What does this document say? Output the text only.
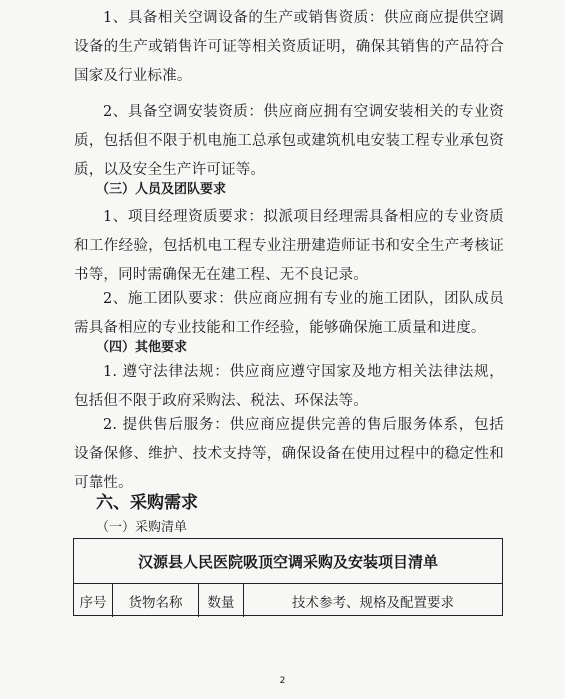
1、具备相关空调设备的生产或销售资质：供应商应提供空调设备的生产或销售许可证等相关资质证明，确保其销售的产品符合国家及行业标准。
2、具备空调安装资质：供应商应拥有空调安装相关的专业资质，包括但不限于机电施工总承包或建筑机电安装工程专业承包资质，以及安全生产许可证等。
（三）人员及团队要求
1、项目经理资质要求：拟派项目经理需具备相应的专业资质和工作经验，包括机电工程专业注册建造师证书和安全生产考核证书等，同时需确保无在建工程、无不良记录。
2、施工团队要求：供应商应拥有专业的施工团队，团队成员需具备相应的专业技能和工作经验，能够确保施工质量和进度。
（四）其他要求
1. 遵守法律法规：供应商应遵守国家及地方相关法律法规，包括但不限于政府采购法、税法、环保法等。
2. 提供售后服务：供应商应提供完善的售后服务体系，包括设备保修、维护、技术支持等，确保设备在使用过程中的稳定性和可靠性。
六、采购需求
（一）采购清单
汉源县人民医院吸顶空调采购及安装项目清单
序号	货物名称	数量	技术参考、规格及配置要求
2
